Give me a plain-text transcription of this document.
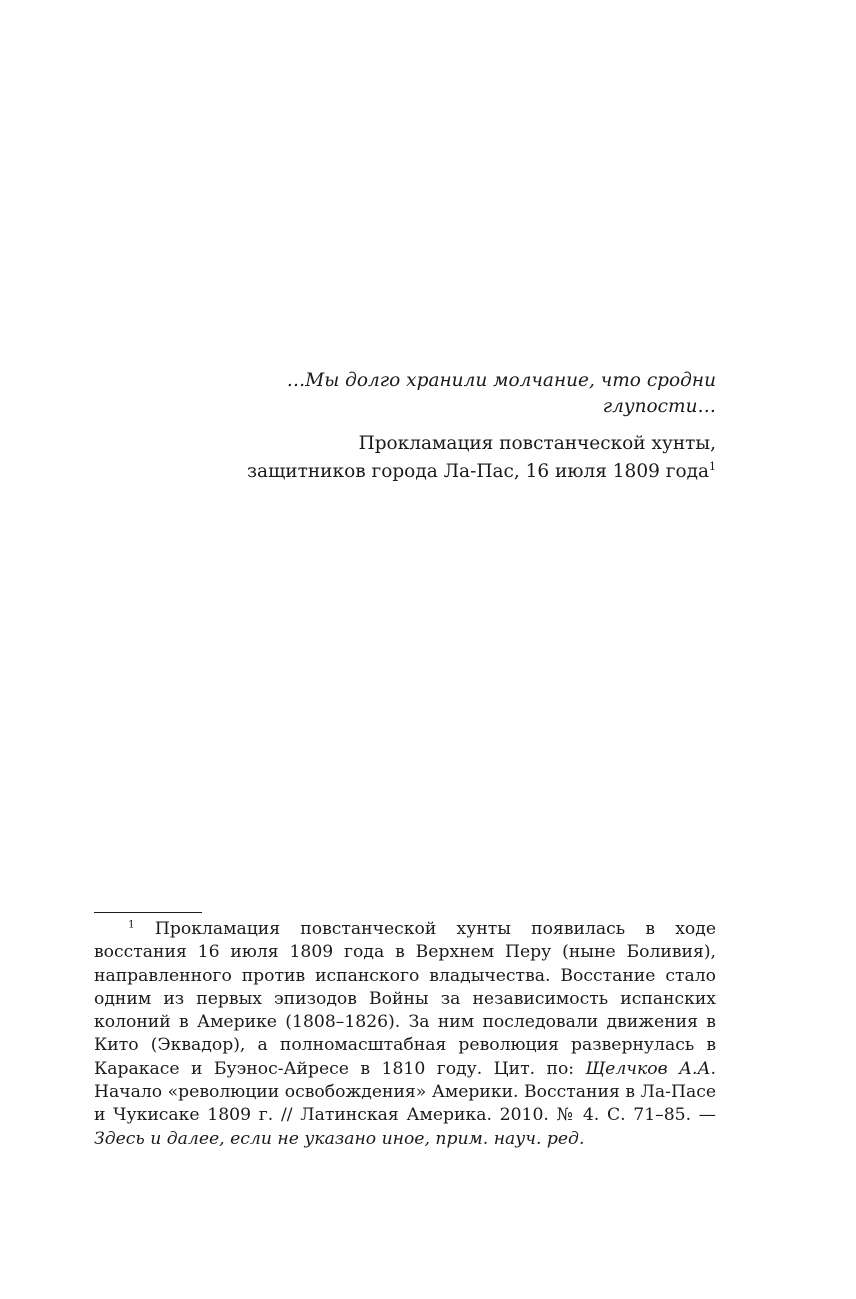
…Мы долго хранили молчание, что сродни глупости…

Прокламация повстанческой хунты,

защитников города Ла-Пас, 16 июля 1809 года$^1$

$^1$ Прокламация повстанческой хунты появилась в ходе восстания 16 июля 1809 года в Верхнем Перу (ныне Боливия), направленного против испанского владычества. Восстание стало одним из первых эпизодов Войны за независимость испанских колоний в Америке (1808–1826). За ним последовали движения в Кито (Эквадор), а полномасштабная революция развернулась в Каракасе и Буэнос-Айресе в 1810 году. Цит. по: Щелчков А.А. Начало «революции освобождения» Америки. Восстания в Ла-Пасе и Чукисаке 1809 г. // Латинская Америка. 2010. № 4. С. 71–85. — Здесь и далее, если не указано иное, прим. науч. ред.
